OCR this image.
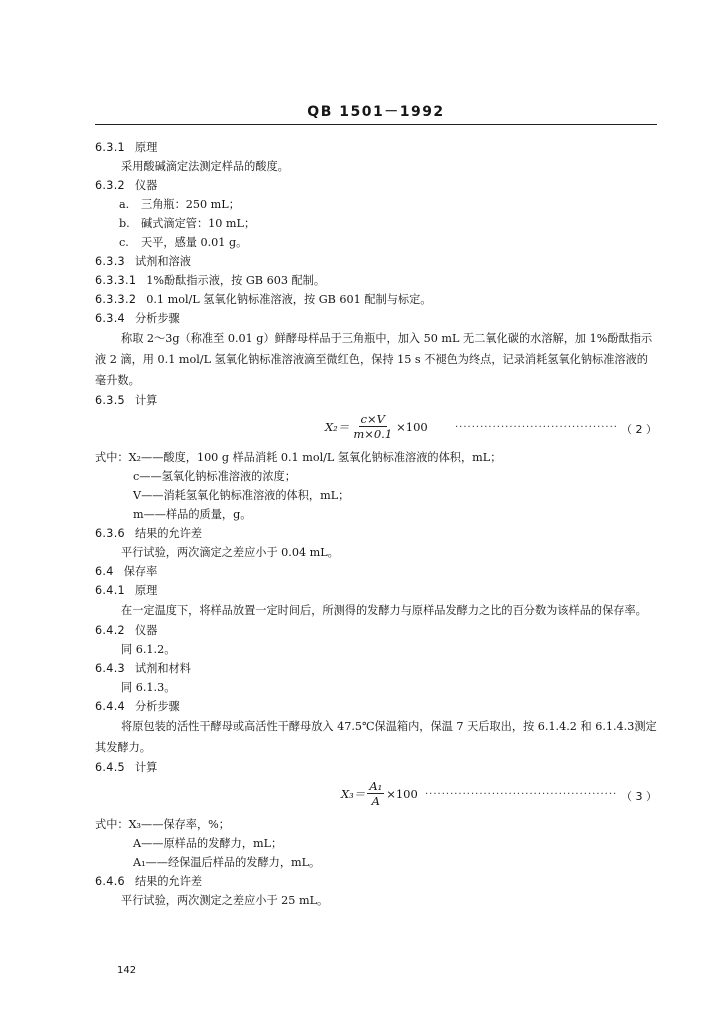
QB 1501－1992
6.3.1 原理
采用酸碱滴定法测定样品的酸度。
6.3.2 仪器
a. 三角瓶：250 mL；
b. 碱式滴定管：10 mL；
c. 天平，感量 0.01 g。
6.3.3 试剂和溶液
6.3.3.1 1%酚酞指示液，按 GB 603 配制。
6.3.3.2 0.1 mol/L 氢氧化钠标准溶液，按 GB 601 配制与标定。
6.3.4 分析步骤
称取 2～3g（称准至 0.01 g）鲜酵母样品于三角瓶中，加入 50 mL 无二氧化碳的水溶解，加 1%酚酞指示液 2 滴，用 0.1 mol/L 氢氧化钠标准溶液滴至微红色，保持 15 s 不褪色为终点，记录消耗氢氧化钠标准溶液的毫升数。
6.3.5 计算
$X_2= \frac{c\times V}{m\times 0.1} \times 100$	······································· （ 2 ）
式中：X₂——酸度，100 g 样品消耗 0.1 mol/L 氢氧化钠标准溶液的体积，mL；
c——氢氧化钠标准溶液的浓度；
V——消耗氢氧化钠标准溶液的体积，mL；
m——样品的质量，g。
6.3.6 结果的允许差
平行试验，两次滴定之差应小于 0.04 mL。
6.4 保存率
6.4.1 原理
在一定温度下，将样品放置一定时间后，所测得的发酵力与原样品发酵力之比的百分数为该样品的保存率。
6.4.2 仪器
同 6.1.2。
6.4.3 试剂和材料
同 6.1.3。
6.4.4 分析步骤
将原包装的活性干酵母或高活性干酵母放入 47.5℃保温箱内，保温 7 天后取出，按 6.1.4.2 和 6.1.4.3测定其发酵力。
6.4.5 计算
$X_3= \frac{\text{A₁}}{A} \times 100$ ·············································· （ 3 ）
式中：X₃——保存率，%；
A——原样品的发酵力，mL；
A₁——经保温后样品的发酵力，mL。
6.4.6 结果的允许差
平行试验，两次测定之差应小于 25 mL。
142
